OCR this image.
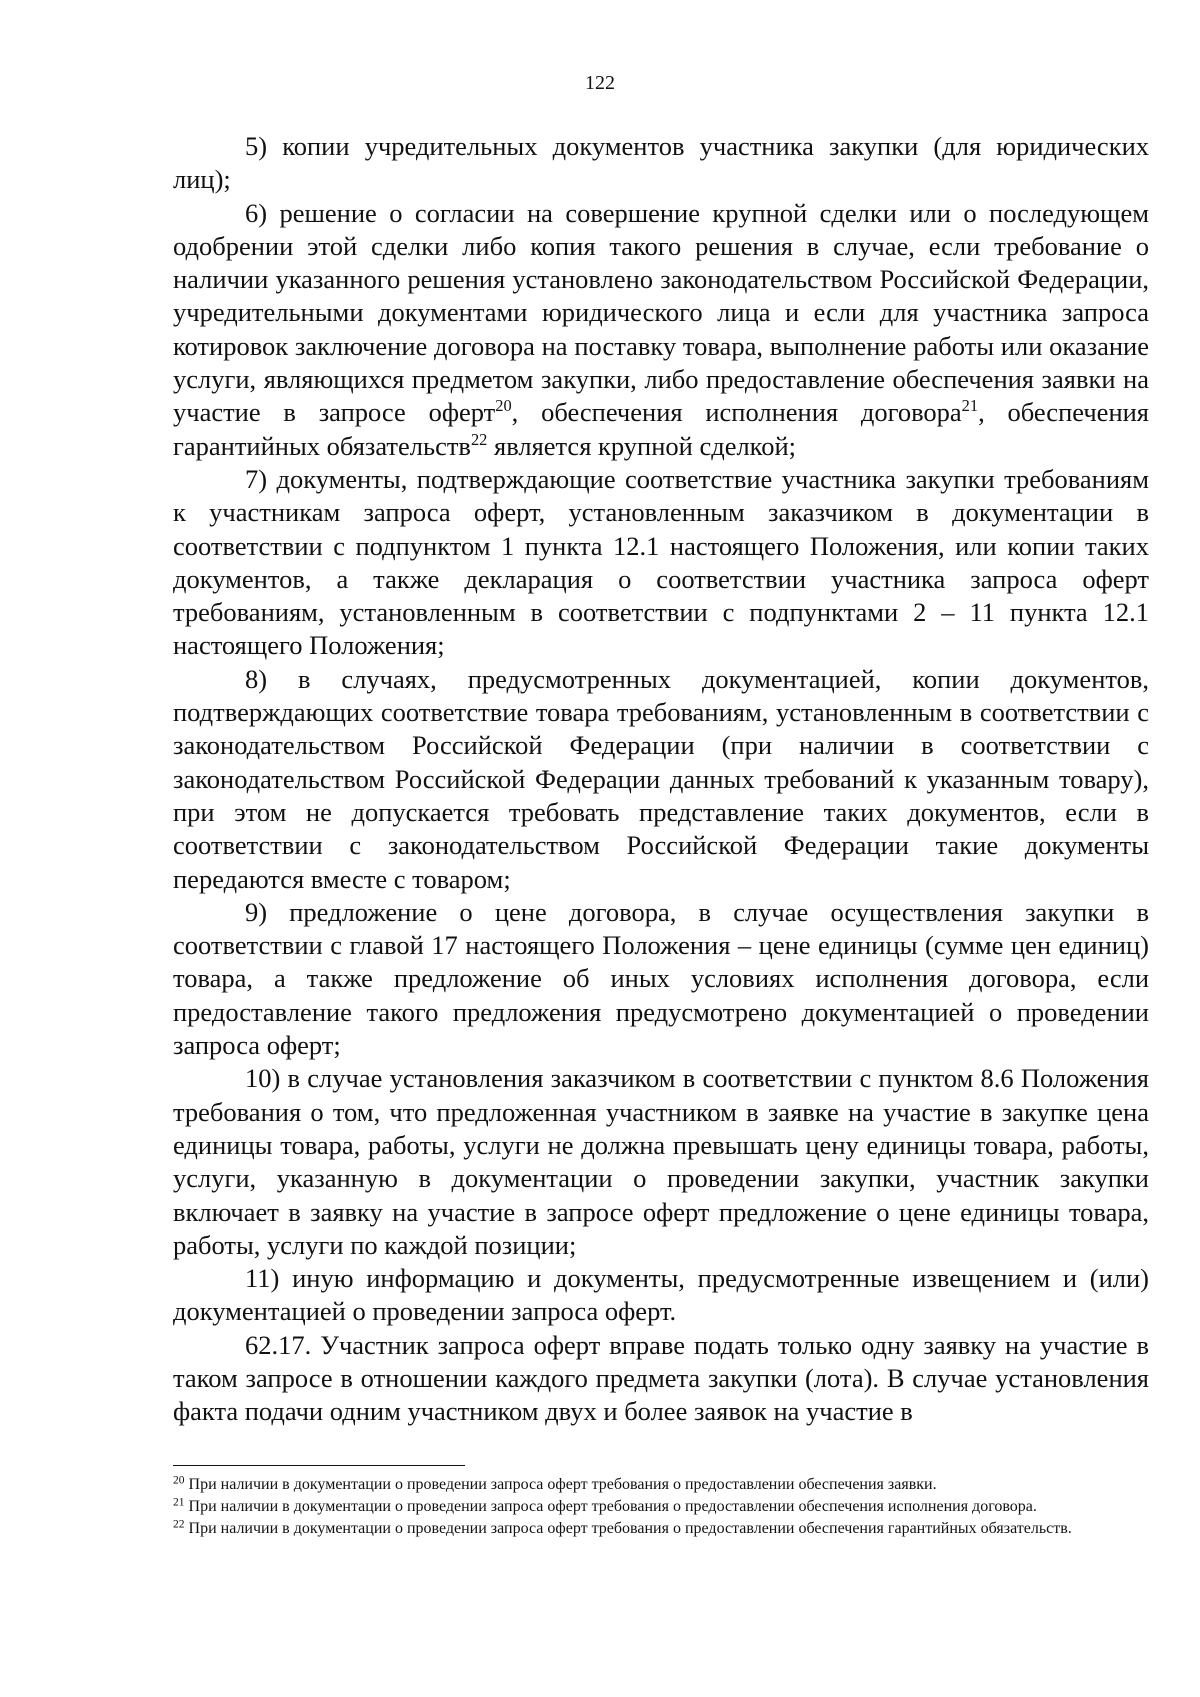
122

5) копии учредительных документов участника закупки (для юридических лиц);

6) решение о согласии на совершение крупной сделки или о последующем одобрении этой сделки либо копия такого решения в случае, если требование о наличии указанного решения установлено законодательством Российской Федерации, учредительными документами юридического лица и если для участника запроса котировок заключение договора на поставку товара, выполнение работы или оказание услуги, являющихся предметом закупки, либо предоставление обеспечения заявки на участие в запросе оферт$^{20}$, обеспечения исполнения договора$^{21}$, обеспечения гарантийных обязательств$^{22}$ является крупной сделкой;

7) документы, подтверждающие соответствие участника закупки требованиям к участникам запроса оферт, установленным заказчиком в документации в соответствии с подпунктом 1 пункта 12.1 настоящего Положения, или копии таких документов, а также декларация о соответствии участника запроса оферт требованиям, установленным в соответствии с подпунктами 2 – 11 пункта 12.1 настоящего Положения;

8) в случаях, предусмотренных документацией, копии документов, подтверждающих соответствие товара требованиям, установленным в соответствии с законодательством Российской Федерации (при наличии в соответствии с законодательством Российской Федерации данных требований к указанным товару), при этом не допускается требовать представление таких документов, если в соответствии с законодательством Российской Федерации такие документы передаются вместе с товаром;

9) предложение о цене договора, в случае осуществления закупки в соответствии с главой 17 настоящего Положения – цене единицы (сумме цен единиц) товара, а также предложение об иных условиях исполнения договора, если предоставление такого предложения предусмотрено документацией о проведении запроса оферт;

10) в случае установления заказчиком в соответствии с пунктом 8.6 Положения требования о том, что предложенная участником в заявке на участие в закупке цена единицы товара, работы, услуги не должна превышать цену единицы товара, работы, услуги, указанную в документации о проведении закупки, участник закупки включает в заявку на участие в запросе оферт предложение о цене единицы товара, работы, услуги по каждой позиции;

11) иную информацию и документы, предусмотренные извещением и (или) документацией о проведении запроса оферт.

62.17. Участник запроса оферт вправе подать только одну заявку на участие в таком запросе в отношении каждого предмета закупки (лота). В случае установления факта подачи одним участником двух и более заявок на участие в

$^{20}$ При наличии в документации о проведении запроса оферт требования о предоставлении обеспечения заявки.

$^{21}$ При наличии в документации о проведении запроса оферт требования о предоставлении обеспечения исполнения договора.

$^{22}$ При наличии в документации о проведении запроса оферт требования о предоставлении обеспечения гарантийных обязательств.
